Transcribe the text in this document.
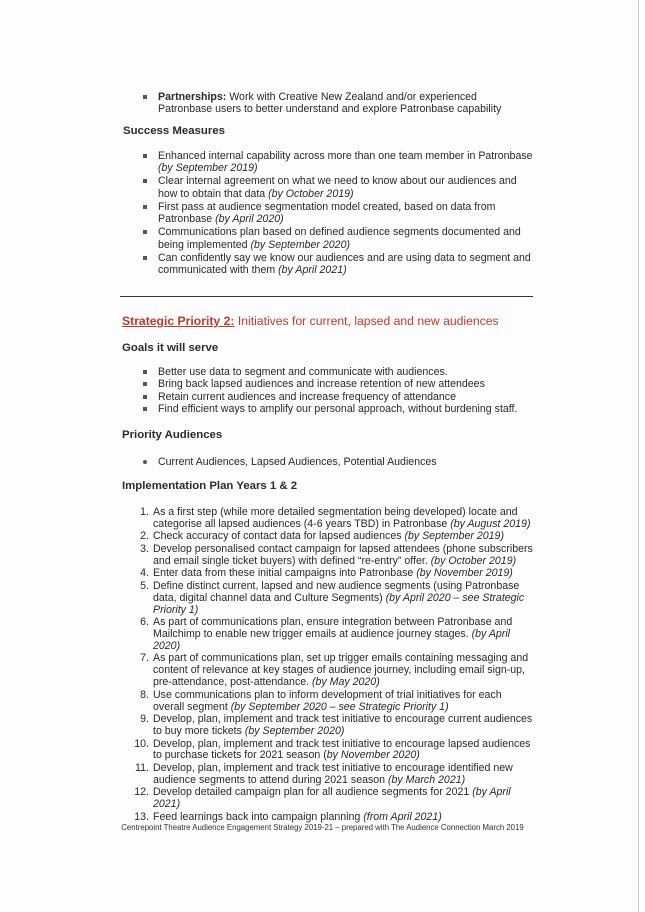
Partnerships: Work with Creative New Zealand and/or experienced Patronbase users to better understand and explore Patronbase capability
Success Measures
Enhanced internal capability across more than one team member in Patronbase (by September 2019)
Clear internal agreement on what we need to know about our audiences and how to obtain that data (by October 2019)
First pass at audience segmentation model created, based on data from Patronbase (by April 2020)
Communications plan based on defined audience segments documented and being implemented (by September 2020)
Can confidently say we know our audiences and are using data to segment and communicated with them (by April 2021)
Strategic Priority 2: Initiatives for current, lapsed and new audiences
Goals it will serve
Better use data to segment and communicate with audiences.
Bring back lapsed audiences and increase retention of new attendees
Retain current audiences and increase frequency of attendance
Find efficient ways to amplify our personal approach, without burdening staff.
Priority Audiences
Current Audiences, Lapsed Audiences, Potential Audiences
Implementation Plan Years 1 & 2
1. As a first step (while more detailed segmentation being developed) locate and categorise all lapsed audiences (4-6 years TBD) in Patronbase (by August 2019)
2. Check accuracy of contact data for lapsed audiences (by September 2019)
3. Develop personalised contact campaign for lapsed attendees (phone subscribers and email single ticket buyers) with defined “re-entry” offer. (by October 2019)
4. Enter data from these initial campaigns into Patronbase (by November 2019)
5. Define distinct current, lapsed and new audience segments (using Patronbase data, digital channel data and Culture Segments) (by April 2020 – see Strategic Priority 1)
6. As part of communications plan, ensure integration between Patronbase and Mailchimp to enable new trigger emails at audience journey stages. (by April 2020)
7. As part of communications plan, set up trigger emails containing messaging and content of relevance at key stages of audience journey, including email sign-up, pre-attendance, post-attendance. (by May 2020)
8. Use communications plan to inform development of trial initiatives for each overall segment (by September 2020 – see Strategic Priority 1)
9. Develop, plan, implement and track test initiative to encourage current audiences to buy more tickets (by September 2020)
10. Develop, plan, implement and track test initiative to encourage lapsed audiences to purchase tickets for 2021 season (by November 2020)
11. Develop, plan, implement and track test initiative to encourage identified new audience segments to attend during 2021 season (by March 2021)
12. Develop detailed campaign plan for all audience segments for 2021 (by April 2021)
13. Feed learnings back into campaign planning (from April 2021)
Centrepoint Theatre Audience Engagement Strategy 2019-21 – prepared with The Audience Connection March 2019
